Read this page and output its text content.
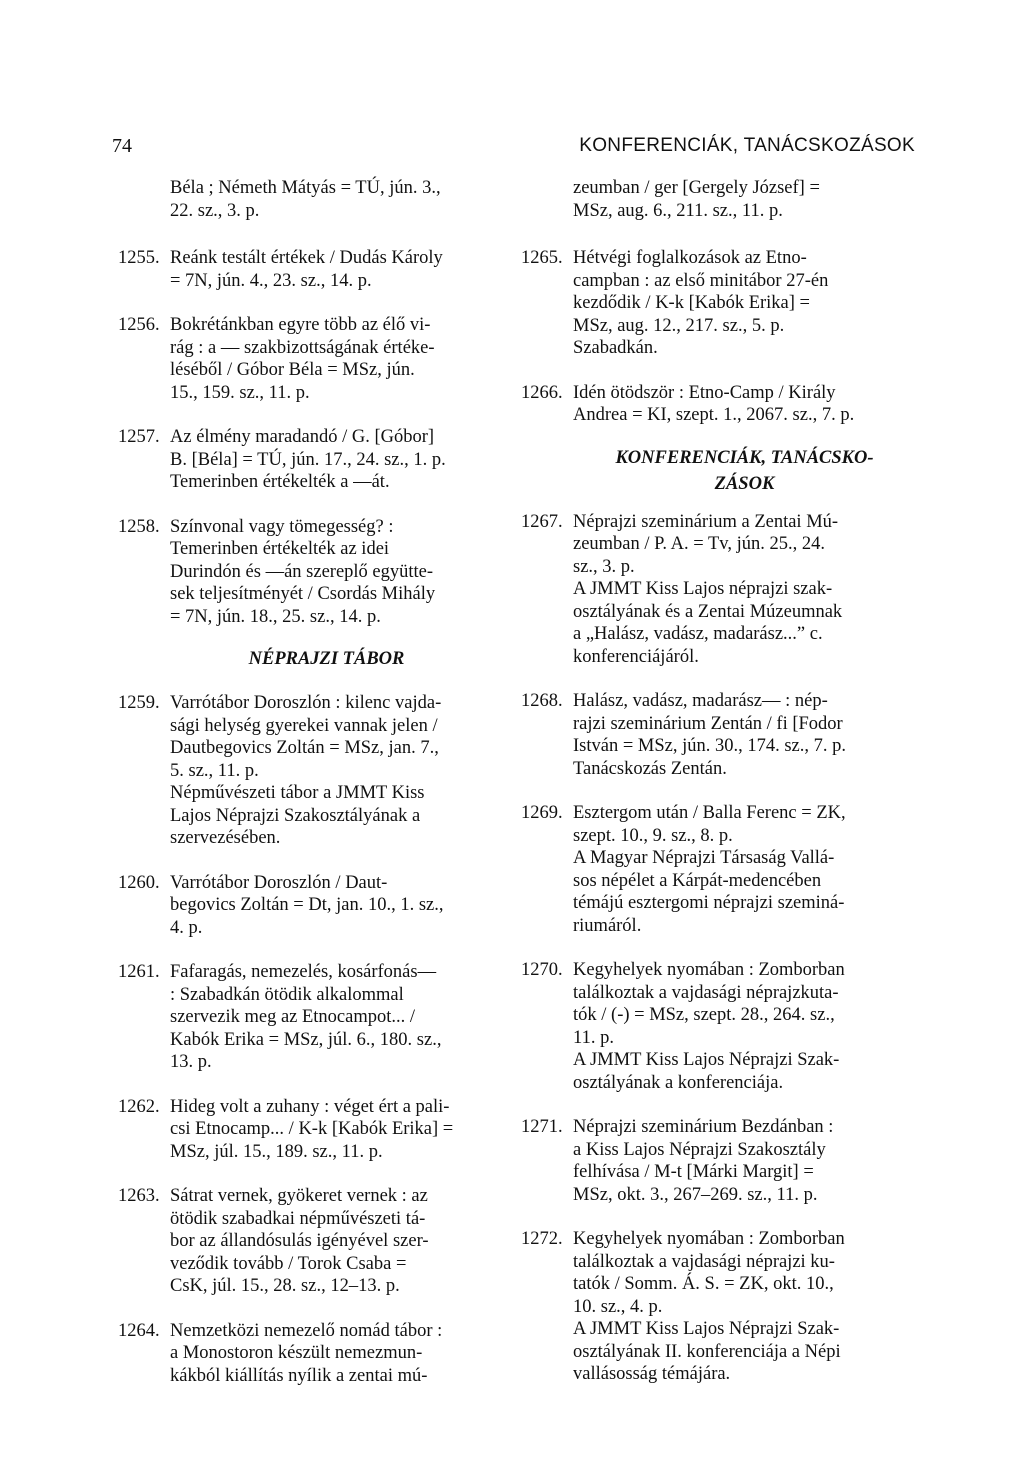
74	KONFERENCIÁK, TANÁCSKOZÁSOK
Béla ; Németh Mátyás = TÚ, jún. 3.,
22. sz., 3. p.
1255. Reánk testált értékek / Dudás Károly
= 7N, jún. 4., 23. sz., 14. p.
1256. Bokrétánkban egyre több az élő vi-
rág : a — szakbizottságának értéke-
léséből / Góbor Béla = MSz, jún.
15., 159. sz., 11. p.
1257. Az élmény maradandó / G. [Góbor]
B. [Béla] = TÚ, jún. 17., 24. sz., 1. p.
Temerinben értékelték a —át.
1258. Színvonal vagy tömegesség? :
Temerinben értékelték az idei
Durindón és —án szereplő együtte-
sek teljesítményét / Csordás Mihály
= 7N, jún. 18., 25. sz., 14. p.
NÉPRAJZI TÁBOR
1259. Varrótábor Doroszlón : kilenc vajda-
sági helység gyerekei vannak jelen /
Dautbegovics Zoltán = MSz, jan. 7.,
5. sz., 11. p.
Népművészeti tábor a JMMT Kiss
Lajos Néprajzi Szakosztályának a
szervezésében.
1260. Varrótábor Doroszlón / Daut-
begovics Zoltán = Dt, jan. 10., 1. sz.,
4. p.
1261. Fafaragás, nemezelés, kosárfonás—
: Szabadkán ötödik alkalommal
szervezik meg az Etnocampot... /
Kabók Erika = MSz, júl. 6., 180. sz.,
13. p.
1262. Hideg volt a zuhany : véget ért a pali-
csi Etnocamp... / K-k [Kabók Erika] =
MSz, júl. 15., 189. sz., 11. p.
1263. Sátrat vernek, gyökeret vernek : az
ötödik szabadkai népművészeti tá-
bor az állandósulás igényével szer-
veződik tovább / Torok Csaba =
CsK, júl. 15., 28. sz., 12–13. p.
1264. Nemzetközi nemezelő nomád tábor :
a Monostoron készült nemezmun-
kákból kiállítás nyílik a zentai mú-
zeumban / ger [Gergely József] =
MSz, aug. 6., 211. sz., 11. p.
1265. Hétvégi foglalkozások az Etno-
campban : az első minitábor 27-én
kezdődik / K-k [Kabók Erika] =
MSz, aug. 12., 217. sz., 5. p.
Szabadkán.
1266. Idén ötödször : Etno-Camp / Király
Andrea = KI, szept. 1., 2067. sz., 7. p.
KONFERENCIÁK, TANÁCSKO-
ZÁSOK
1267. Néprajzi szeminárium a Zentai Mú-
zeumban / P. A. = Tv, jún. 25., 24.
sz., 3. p.
A JMMT Kiss Lajos néprajzi szak-
osztályának és a Zentai Múzeumnak
a „Halász, vadász, madarász...” c.
konferenciájáról.
1268. Halász, vadász, madarász— : nép-
rajzi szeminárium Zentán / fi [Fodor
István = MSz, jún. 30., 174. sz., 7. p.
Tanácskozás Zentán.
1269. Esztergom után / Balla Ferenc = ZK,
szept. 10., 9. sz., 8. p.
A Magyar Néprajzi Társaság Vallá-
sos népélet a Kárpát-medencében
témájú esztergomi néprajzi szeminá-
riumáról.
1270. Kegyhelyek nyomában : Zomborban
találkoztak a vajdasági néprajzkuta-
tók / (-) = MSz, szept. 28., 264. sz.,
11. p.
A JMMT Kiss Lajos Néprajzi Szak-
osztályának a konferenciája.
1271. Néprajzi szeminárium Bezdánban :
a Kiss Lajos Néprajzi Szakosztály
felhívása / M-t [Márki Margit] =
MSz, okt. 3., 267–269. sz., 11. p.
1272. Kegyhelyek nyomában : Zomborban
találkoztak a vajdasági néprajzi ku-
tatók / Somm. Á. S. = ZK, okt. 10.,
10. sz., 4. p.
A JMMT Kiss Lajos Néprajzi Szak-
osztályának II. konferenciája a Népi
vallásosság témájára.
